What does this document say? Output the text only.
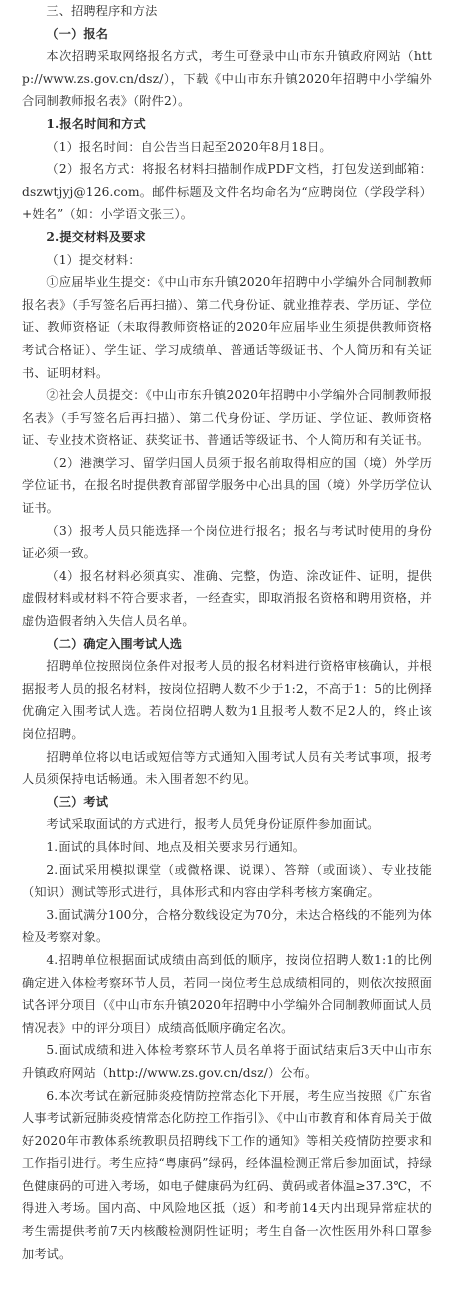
三、招聘程序和方法

（一）报名

本次招聘采取网络报名方式，考生可登录中山市东升镇政府网站（http://www.zs.gov.cn/dsz/），下载《中山市东升镇2020年招聘中小学编外合同制教师报名表》（附件2）。

1.报名时间和方式

（1）报名时间：自公告当日起至2020年8月18日。

（2）报名方式：将报名材料扫描制作成PDF文档，打包发送到邮箱：dszwtjyj@126.com。邮件标题及文件名均命名为“应聘岗位（学段学科）+姓名”（如：小学语文张三）。

2.提交材料及要求

（1）提交材料：

①应届毕业生提交：《中山市东升镇2020年招聘中小学编外合同制教师报名表》（手写签名后再扫描）、第二代身份证、就业推荐表、学历证、学位证、教师资格证（未取得教师资格证的2020年应届毕业生须提供教师资格考试合格证）、学生证、学习成绩单、普通话等级证书、个人简历和有关证书、证明材料。

②社会人员提交：《中山市东升镇2020年招聘中小学编外合同制教师报名表》（手写签名后再扫描）、第二代身份证、学历证、学位证、教师资格证、专业技术资格证、获奖证书、普通话等级证书、个人简历和有关证书。

（2）港澳学习、留学归国人员须于报名前取得相应的国（境）外学历学位证书，在报名时提供教育部留学服务中心出具的国（境）外学历学位认证书。

（3）报考人员只能选择一个岗位进行报名；报名与考试时使用的身份证必须一致。

（4）报名材料必须真实、准确、完整，伪造、涂改证件、证明，提供虚假材料或材料不符合要求者，一经查实，即取消报名资格和聘用资格，并虚伪造假者纳入失信人员名单。

（二）确定入围考试人选

招聘单位按照岗位条件对报考人员的报名材料进行资格审核确认，并根据报考人员的报名材料，按岗位招聘人数不少于1:2，不高于1：5的比例择优确定入围考试人选。若岗位招聘人数为1且报考人数不足2人的，终止该岗位招聘。

招聘单位将以电话或短信等方式通知入围考试人员有关考试事项，报考人员须保持电话畅通。未入围者恕不约见。

（三）考试

考试采取面试的方式进行，报考人员凭身份证原件参加面试。

1.面试的具体时间、地点及相关要求另行通知。

2.面试采用模拟课堂（或微格课、说课）、答辩（或面谈）、专业技能（知识）测试等形式进行，具体形式和内容由学科考核方案确定。

3.面试满分100分，合格分数线设定为70分，未达合格线的不能列为体检及考察对象。

4.招聘单位根据面试成绩由高到低的顺序，按岗位招聘人数1:1的比例确定进入体检考察环节人员，若同一岗位考生总成绩相同的，则依次按照面试各评分项目（《中山市东升镇2020年招聘中小学编外合同制教师面试人员情况表》中的评分项目）成绩高低顺序确定名次。

5.面试成绩和进入体检考察环节人员名单将于面试结束后3天中山市东升镇政府网站（http://www.zs.gov.cn/dsz/）公布。

6.本次考试在新冠肺炎疫情防控常态化下开展，考生应当按照《广东省人事考试新冠肺炎疫情常态化防控工作指引》、《中山市教育和体育局关于做好2020年市教体系统教职员招聘线下工作的通知》等相关疫情防控要求和工作指引进行。考生应持“粤康码”绿码，经体温检测正常后参加面试，持绿色健康码的可进入考场，如电子健康码为红码、黄码或者体温≥37.3℃，不得进入考场。国内高、中风险地区抵（返）和考前14天内出现异常症状的考生需提供考前7天内核酸检测阴性证明；考生自备一次性医用外科口罩参加考试。
